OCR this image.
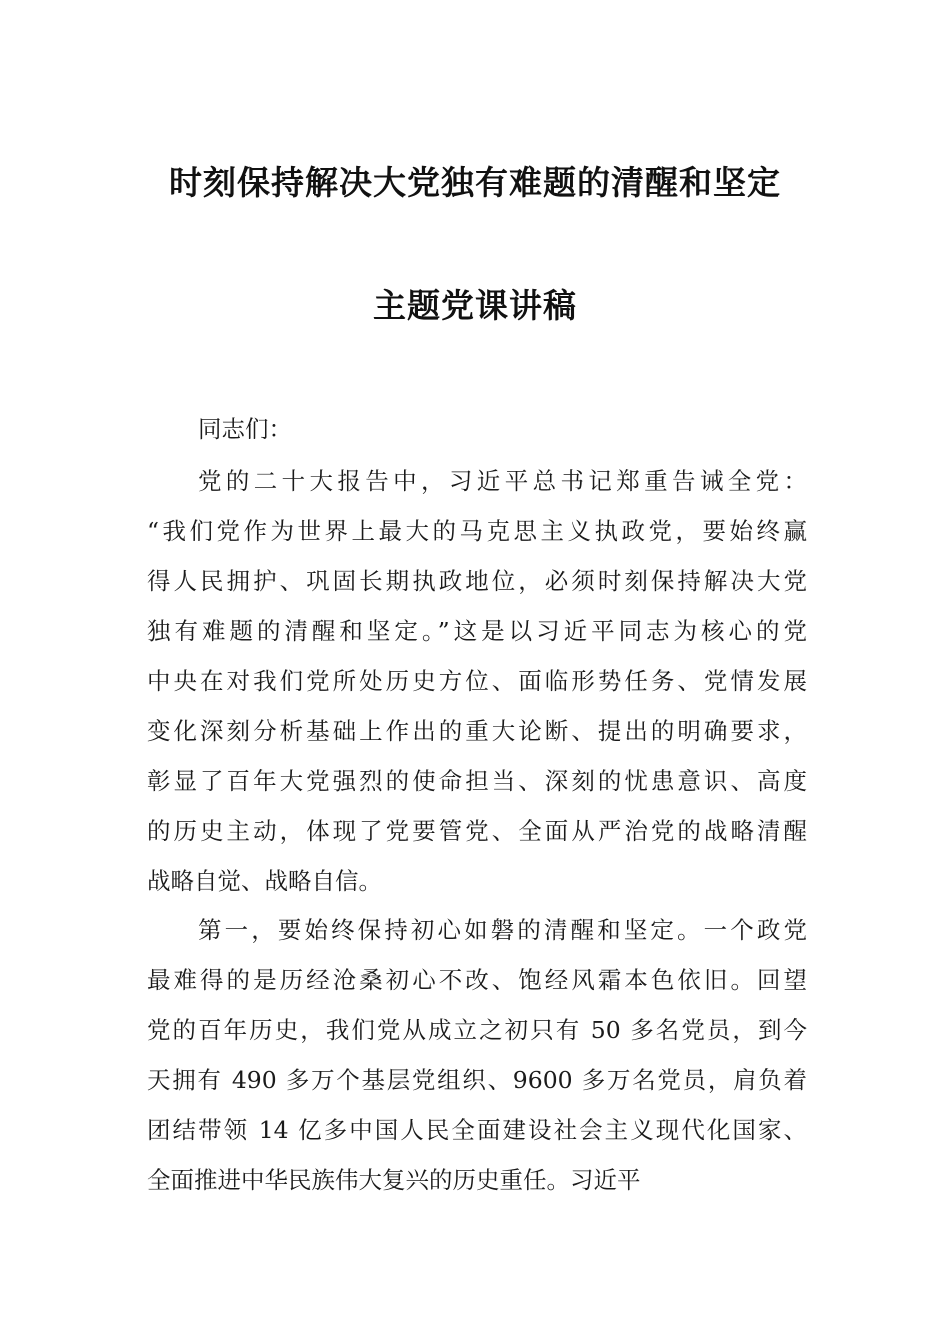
时刻保持解决大党独有难题的清醒和坚定
主题党课讲稿
同志们：
党的二十大报告中，习近平总书记郑重告诫全党：
“我们党作为世界上最大的马克思主义执政党，要始终赢
得人民拥护、巩固长期执政地位，必须时刻保持解决大党
独有难题的清醒和坚定。”这是以习近平同志为核心的党
中央在对我们党所处历史方位、面临形势任务、党情发展
变化深刻分析基础上作出的重大论断、提出的明确要求，
彰显了百年大党强烈的使命担当、深刻的忧患意识、高度
的历史主动，体现了党要管党、全面从严治党的战略清醒
战略自觉、战略自信。
第一，要始终保持初心如磐的清醒和坚定。一个政党
最难得的是历经沧桑初心不改、饱经风霜本色依旧。回望
党的百年历史，我们党从成立之初只有 50 多名党员，到今
天拥有 490 多万个基层党组织、9600 多万名党员，肩负着
团结带领 14 亿多中国人民全面建设社会主义现代化国家、
全面推进中华民族伟大复兴的历史重任。习近平
